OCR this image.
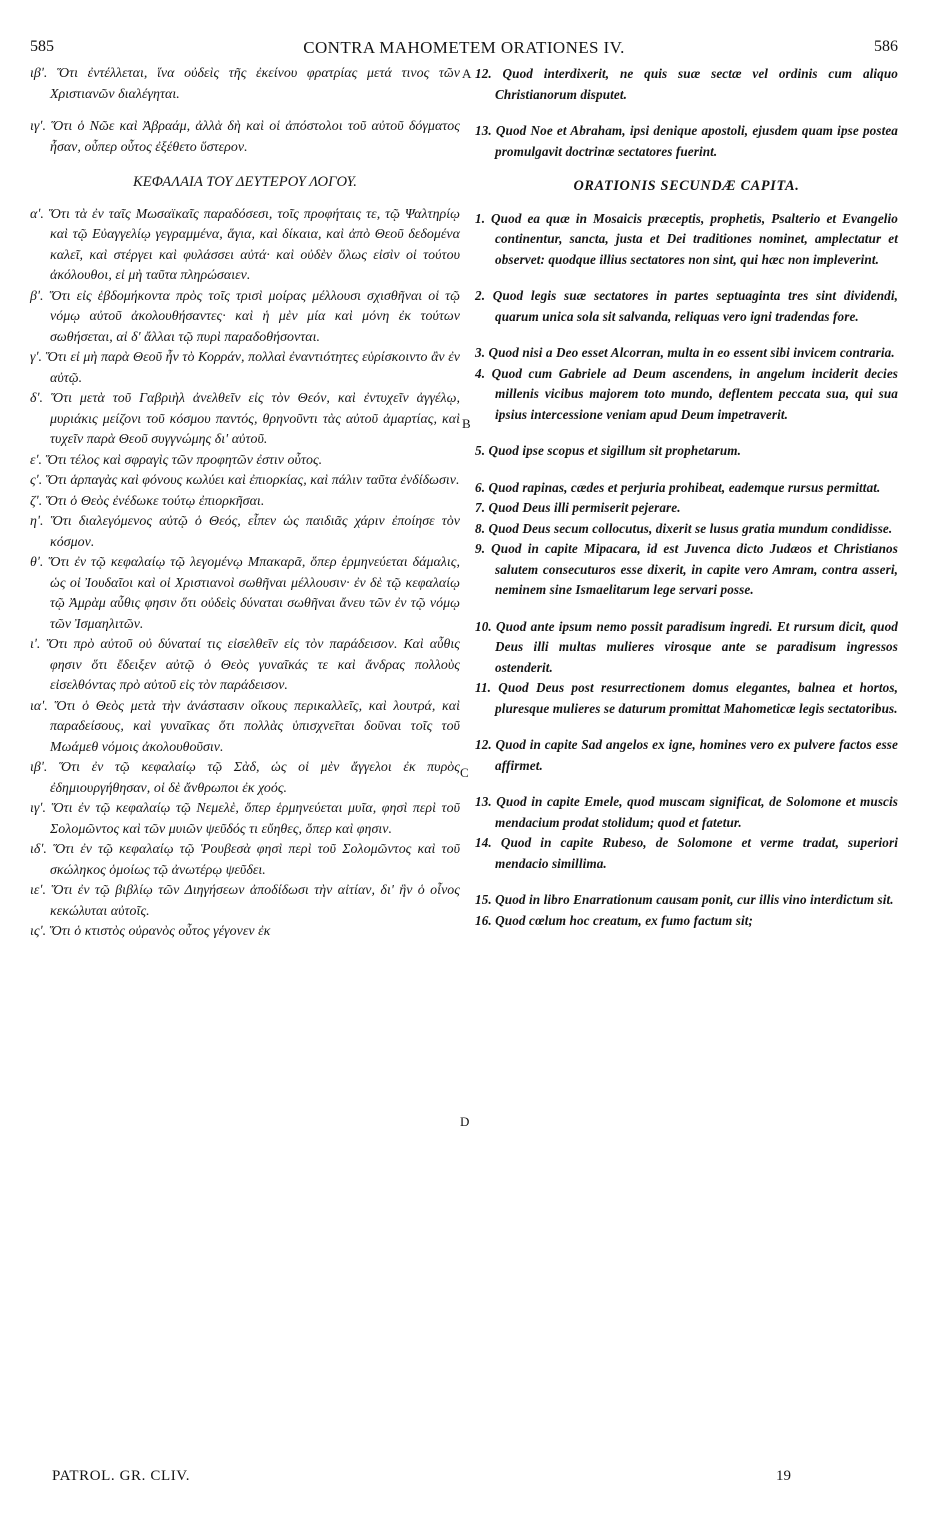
585	CONTRA MAHOMETEM ORATIONES IV.	586
A
B
C
D

ιβʹ. Ὅτι ἐντέλλεται, ἵνα οὐδεὶς τῆς ἐκείνου φρατρίας μετά τινος τῶν Χριστιανῶν διαλέγηται.

ιγʹ. Ὅτι ὁ Νῶε καὶ Ἀβραάμ, ἀλλὰ δὴ καὶ οἱ ἀπόστολοι τοῦ αὐτοῦ δόγματος ἦσαν, οὗπερ οὗτος ἐξέθετο ὕστερον.

ΚΕΦΑΛΑΙΑ ΤΟΥ ΔΕΥΤΕΡΟΥ ΛΟΓΟΥ.

αʹ. Ὅτι τὰ ἐν ταῖς Μωσαϊκαῖς παραδόσεσι, τοῖς προφήταις τε, τῷ Ψαλτηρίῳ καὶ τῷ Εὐαγγελίῳ γεγραμμένα, ἅγια, καὶ δίκαια, καὶ ἀπὸ Θεοῦ δεδομένα καλεῖ, καὶ στέργει καὶ φυλάσσει αὐτά· καὶ οὐδὲν ὅλως εἰσὶν οἱ τούτου ἀκόλουθοι, εἰ μὴ ταῦτα πληρώσαιεν.

βʹ. Ὅτι εἰς ἑβδομήκοντα πρὸς τοῖς τρισὶ μοίρας μέλλουσι σχισθῆναι οἱ τῷ νόμῳ αὐτοῦ ἀκολουθήσαντες· καὶ ἡ μὲν μία καὶ μόνη ἐκ τούτων σωθήσεται, αἱ δ' ἄλλαι τῷ πυρὶ παραδοθήσονται.

γʹ. Ὅτι εἰ μὴ παρὰ Θεοῦ ἦν τὸ Κορράν, πολλαὶ ἐναντιότητες εὑρίσκοιντο ἂν ἐν αὐτῷ.

δʹ. Ὅτι μετὰ τοῦ Γαβριὴλ ἀνελθεῖν εἰς τὸν Θεόν, καὶ ἐντυχεῖν ἀγγέλῳ, μυριάκις μείζονι τοῦ κόσμου παντός, θρηνοῦντι τὰς αὐτοῦ ἁμαρτίας, καὶ τυχεῖν παρὰ Θεοῦ συγγνώμης δι' αὐτοῦ.

εʹ. Ὅτι τέλος καὶ σφραγὶς τῶν προφητῶν ἐστιν οὗτος.

ςʹ. Ὅτι ἁρπαγὰς καὶ φόνους κωλύει καὶ ἐπιορκίας, καὶ πάλιν ταῦτα ἐνδίδωσιν.

ζʹ. Ὅτι ὁ Θεὸς ἐνέδωκε τούτῳ ἐπιορκῆσαι.

ηʹ. Ὅτι διαλεγόμενος αὐτῷ ὁ Θεός, εἶπεν ὡς παιδιᾶς χάριν ἐποίησε τὸν κόσμον.

θʹ. Ὅτι ἐν τῷ κεφαλαίῳ τῷ λεγομένῳ Μπακαρᾶ, ὅπερ ἑρμηνεύεται δάμαλις, ὡς οἱ Ἰουδαῖοι καὶ οἱ Χριστιανοὶ σωθῆναι μέλλουσιν· ἐν δὲ τῷ κεφαλαίῳ τῷ Ἀμρὰμ αὖθις φησιν ὅτι οὐδεὶς δύναται σωθῆναι ἄνευ τῶν ἐν τῷ νόμῳ τῶν Ἰσμαηλιτῶν.

ιʹ. Ὅτι πρὸ αὐτοῦ οὐ δύναταί τις εἰσελθεῖν εἰς τὸν παράδεισον. Καὶ αὖθις φησιν ὅτι ἔδειξεν αὐτῷ ὁ Θεὸς γυναῖκάς τε καὶ ἄνδρας πολλοὺς εἰσελθόντας πρὸ αὐτοῦ εἰς τὸν παράδεισον.

ιαʹ. Ὅτι ὁ Θεὸς μετὰ τὴν ἀνάστασιν οἴκους περικαλλεῖς, καὶ λουτρά, καὶ παραδείσους, καὶ γυναῖκας ὅτι πολλὰς ὑπισχνεῖται δοῦναι τοῖς τοῦ Μωάμεθ νόμοις ἀκολουθοῦσιν.

ιβʹ. Ὅτι ἐν τῷ κεφαλαίῳ τῷ Σὰδ, ὡς οἱ μὲν ἄγγελοι ἐκ πυρὸς ἐδημιουργήθησαν, οἱ δὲ ἄνθρωποι ἐκ χοός.

ιγʹ. Ὅτι ἐν τῷ κεφαλαίῳ τῷ Νεμελὲ, ὅπερ ἑρμηνεύεται μυῖα, φησὶ περὶ τοῦ Σολομῶντος καὶ τῶν μυιῶν ψεῦδός τι εὔηθες, ὅπερ καὶ φησιν.

ιδʹ. Ὅτι ἐν τῷ κεφαλαίῳ τῷ Ῥουβεσὰ φησὶ περὶ τοῦ Σολομῶντος καὶ τοῦ σκώληκος ὁμοίως τῷ ἀνωτέρῳ ψεῦδει.

ιεʹ. Ὅτι ἐν τῷ βιβλίῳ τῶν Διηγήσεων ἀποδίδωσι τὴν αἰτίαν, δι' ἣν ὁ οἶνος κεκώλυται αὐτοῖς.

ιςʹ. Ὅτι ὁ κτιστὸς οὐρανὸς οὗτος γέγονεν ἐκ

12. Quod interdixerit, ne quis suæ sectæ vel ordinis cum aliquo Christianorum disputet.

13. Quod Noe et Abraham, ipsi denique apostoli, ejusdem quam ipse postea promulgavit doctrinæ sectatores fuerint.

ORATIONIS SECUNDÆ CAPITA.

1. Quod ea quæ in Mosaicis præceptis, prophetis, Psalterio et Evangelio continentur, sancta, justa et Dei traditiones nominet, amplectatur et observet: quodque illius sectatores non sint, qui hæc non impleverint.

2. Quod legis suæ sectatores in partes septuaginta tres sint dividendi, quarum unica sola sit salvanda, reliquas vero igni tradendas fore.

3. Quod nisi a Deo esset Alcorran, multa in eo essent sibi invicem contraria.

4. Quod cum Gabriele ad Deum ascendens, in angelum inciderit decies millenis vicibus majorem toto mundo, deflentem peccata sua, qui sua ipsius intercessione veniam apud Deum impetraverit.

5. Quod ipse scopus et sigillum sit prophetarum.

6. Quod rapinas, cædes et perjuria prohibeat, eademque rursus permittat.

7. Quod Deus illi permiserit pejerare.

8. Quod Deus secum collocutus, dixerit se lusus gratia mundum condidisse.

9. Quod in capite Mipacara, id est Juvenca dicto Judæos et Christianos salutem consecuturos esse dixerit, in capite vero Amram, contra asseri, neminem sine Ismaelitarum lege servari posse.

10. Quod ante ipsum nemo possit paradisum ingredi. Et rursum dicit, quod Deus illi multas mulieres virosque ante se paradisum ingressos ostenderit.

11. Quod Deus post resurrectionem domus elegantes, balnea et hortos, pluresque mulieres se daturum promittat Mahometicæ legis sectatoribus.

12. Quod in capite Sad angelos ex igne, homines vero ex pulvere factos esse affirmet.

13. Quod in capite Emele, quod muscam significat, de Solomone et muscis mendacium prodat stolidum; quod et fatetur.

14. Quod in capite Rubeso, de Solomone et verme tradat, superiori mendacio simillima.

15. Quod in libro Enarrationum causam ponit, cur illis vino interdictum sit.

16. Quod cœlum hoc creatum, ex fumo factum sit;

PATROL. GR. CLIV.	19
